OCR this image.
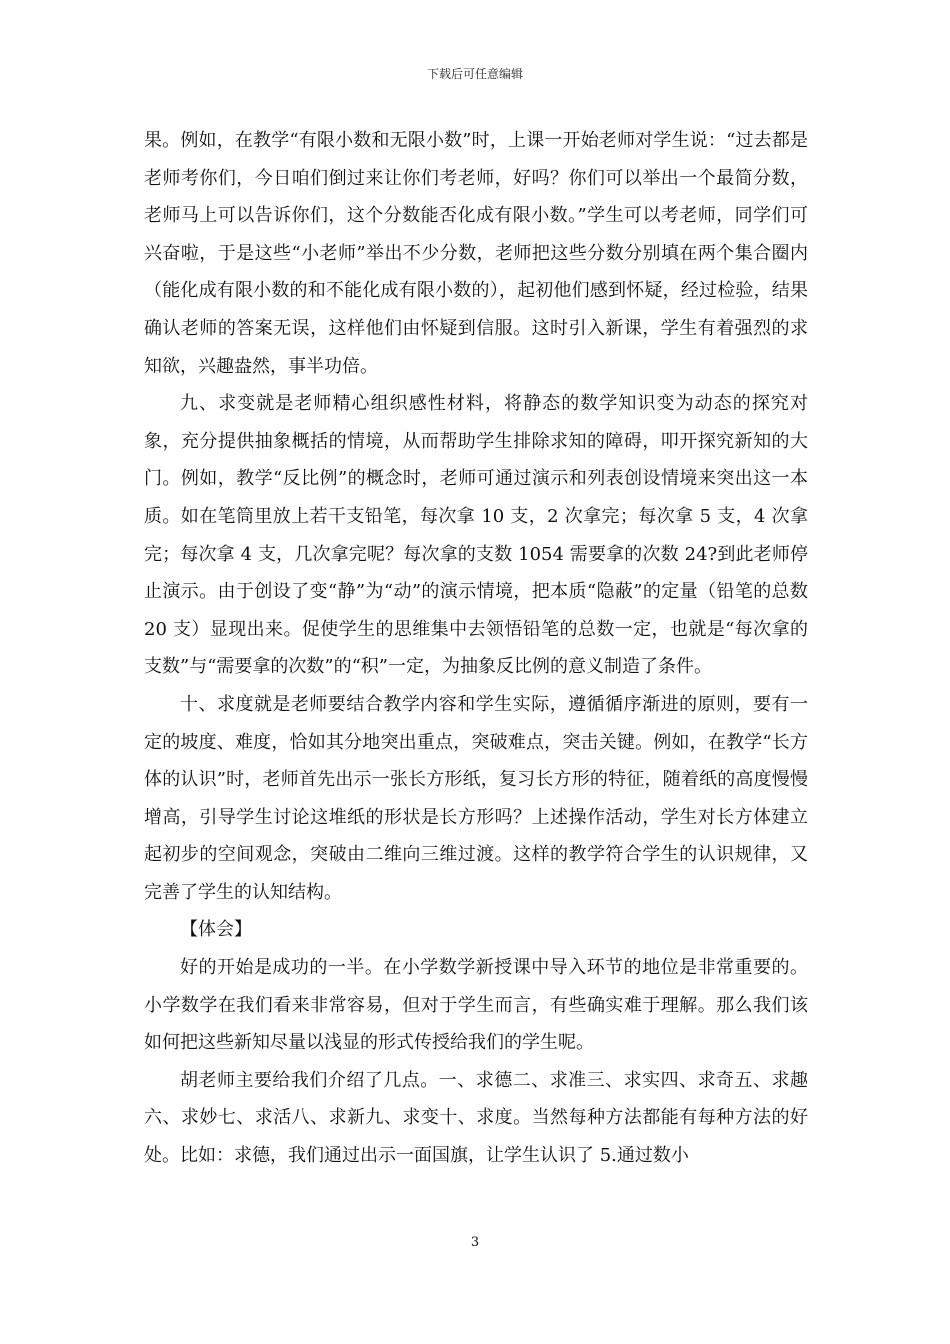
下载后可任意编辑

果。例如，在教学“有限小数和无限小数”时，上课一开始老师对学生说：“过去都是老师考你们，今日咱们倒过来让你们考老师，好吗？你们可以举出一个最简分数，老师马上可以告诉你们，这个分数能否化成有限小数。”学生可以考老师，同学们可兴奋啦，于是这些“小老师”举出不少分数，老师把这些分数分别填在两个集合圈内（能化成有限小数的和不能化成有限小数的），起初他们感到怀疑，经过检验，结果确认老师的答案无误，这样他们由怀疑到信服。这时引入新课，学生有着强烈的求知欲，兴趣盎然，事半功倍。

九、求变就是老师精心组织感性材料，将静态的数学知识变为动态的探究对象，充分提供抽象概括的情境，从而帮助学生排除求知的障碍，叩开探究新知的大门。例如，教学“反比例”的概念时，老师可通过演示和列表创设情境来突出这一本质。如在笔筒里放上若干支铅笔，每次拿 10 支，2 次拿完；每次拿 5 支，4 次拿完；每次拿 4 支，几次拿完呢？每次拿的支数 1054 需要拿的次数 24?到此老师停止演示。由于创设了变“静”为“动”的演示情境，把本质“隐蔽”的定量（铅笔的总数 20 支）显现出来。促使学生的思维集中去领悟铅笔的总数一定，也就是“每次拿的支数”与“需要拿的次数”的“积”一定，为抽象反比例的意义制造了条件。

十、求度就是老师要结合教学内容和学生实际，遵循循序渐进的原则，要有一定的坡度、难度，恰如其分地突出重点，突破难点，突击关键。例如，在教学“长方体的认识”时，老师首先出示一张长方形纸，复习长方形的特征，随着纸的高度慢慢增高，引导学生讨论这堆纸的形状是长方形吗？上述操作活动，学生对长方体建立起初步的空间观念，突破由二维向三维过渡。这样的教学符合学生的认识规律，又完善了学生的认知结构。

【体会】

好的开始是成功的一半。在小学数学新授课中导入环节的地位是非常重要的。小学数学在我们看来非常容易，但对于学生而言，有些确实难于理解。那么我们该如何把这些新知尽量以浅显的形式传授给我们的学生呢。

胡老师主要给我们介绍了几点。一、求德二、求准三、求实四、求奇五、求趣六、求妙七、求活八、求新九、求变十、求度。当然每种方法都能有每种方法的好处。比如：求德，我们通过出示一面国旗，让学生认识了 5.通过数小

3
